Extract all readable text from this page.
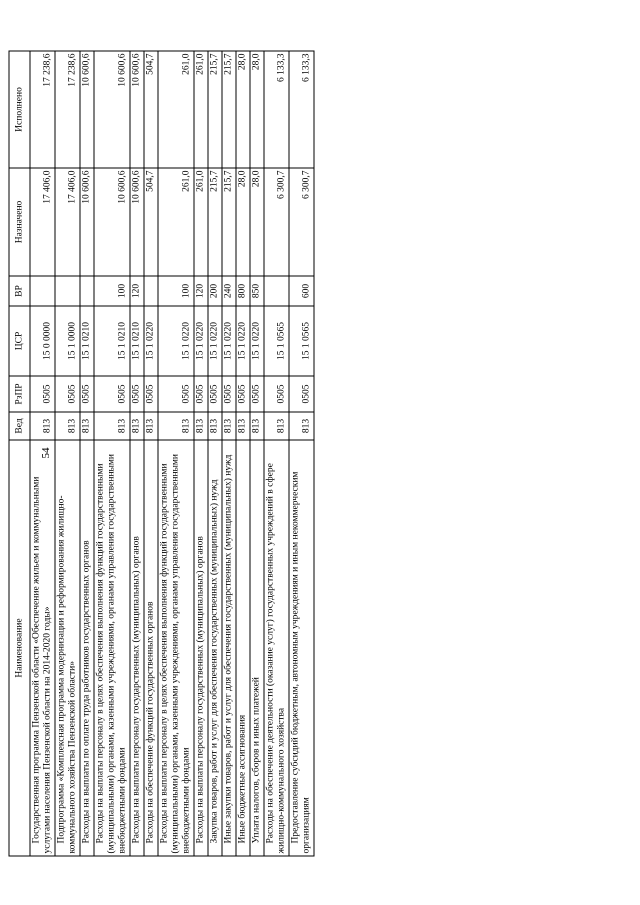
54
Наименование	Вед	РзПР	ЦСР	ВР	Назначено	Исполнено
Государственная программа Пензенской области «Обеспечение жильем и коммунальными услугами населения Пензенской области на 2014-2020 годы»	813	0505	15 0 0000		17 406,0	17 238,6
Подпрограмма «Комплексная программа модернизации и реформирования жилищно-коммунального хозяйства Пензенской области»	813	0505	15 1 0000		17 406,0	17 238,6
Расходы на выплаты по оплате труда работников государственных органов	813	0505	15 1 0210		10 600,6	10 600,6
Расходы на выплаты персоналу в целях обеспечения выполнения функций государственными (муниципальными) органами, казенными учреждениями, органами управления государственными внебюджетными фондами	813	0505	15 1 0210	100	10 600,6	10 600,6
Расходы на выплаты персоналу государственных (муниципальных) органов	813	0505	15 1 0210	120	10 600,6	10 600,6
Расходы на обеспечение функций государственных органов	813	0505	15 1 0220		504,7	504,7
Расходы на выплаты персоналу в целях обеспечения выполнения функций государственными (муниципальными) органами, казенными учреждениями, органами управления государственными внебюджетными фондами	813	0505	15 1 0220	100	261,0	261,0
Расходы на выплаты персоналу государственных (муниципальных) органов	813	0505	15 1 0220	120	261,0	261,0
Закупка товаров, работ и услуг для обеспечения государственных (муниципальных) нужд	813	0505	15 1 0220	200	215,7	215,7
Иные закупки товаров, работ и услуг для обеспечения государственных (муниципальных) нужд	813	0505	15 1 0220	240	215,7	215,7
Иные бюджетные ассигнования	813	0505	15 1 0220	800	28,0	28,0
Уплата налогов, сборов и иных платежей	813	0505	15 1 0220	850	28,0	28,0
Расходы на обеспечение деятельности (оказание услуг) государственных учреждений в сфере жилищно-коммунального хозяйства	813	0505	15 1 0565		6 300,7	6 133,3
Предоставление субсидий бюджетным, автономным учреждениям и иным некоммерческим организациям	813	0505	15 1 0565	600	6 300,7	6 133,3
